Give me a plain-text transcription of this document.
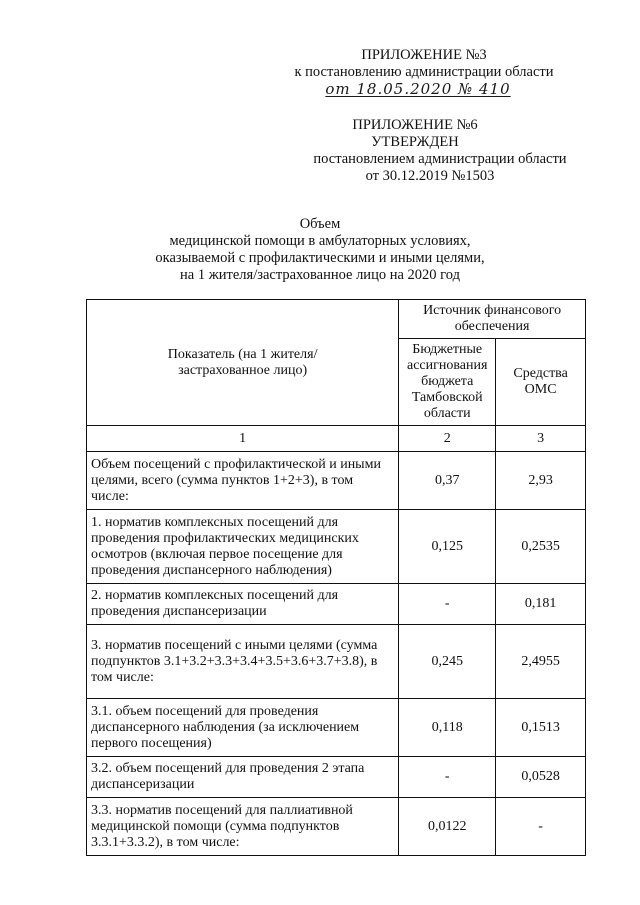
ПРИЛОЖЕНИЕ №3
к постановлению администрации области
от 18.05.2020 № 410
ПРИЛОЖЕНИЕ №6
УТВЕРЖДЕН
постановлением администрации области
от 30.12.2019 №1503
Объем
медицинской помощи в амбулаторных условиях,
оказываемой с профилактическими и иными целями,
на 1 жителя/застрахованное лицо на 2020 год
Показатель (на 1 жителя/ застрахованное лицо)	Источник финансового обеспечения	
	Бюджетные ассигнования бюджета Тамбовской области	Средства ОМС
1	2	3
Объем посещений с профилактической и иными целями, всего (сумма пунктов 1+2+3), в том числе:	0,37	2,93
1. норматив комплексных посещений для проведения профилактических медицинских осмотров (включая первое посещение для проведения диспансерного наблюдения)	0,125	0,2535
2. норматив комплексных посещений для проведения диспансеризации	-	0,181
3. норматив посещений с иными целями (сумма подпунктов 3.1+3.2+3.3+3.4+3.5+3.6+3.7+3.8), в том числе:	0,245	2,4955
3.1. объем посещений для проведения диспансерного наблюдения (за исключением первого посещения)	0,118	0,1513
3.2. объем посещений для проведения 2 этапа диспансеризации	-	0,0528
3.3. норматив посещений для паллиативной медицинской помощи (сумма подпунктов 3.3.1+3.3.2), в том числе:	0,0122	-
